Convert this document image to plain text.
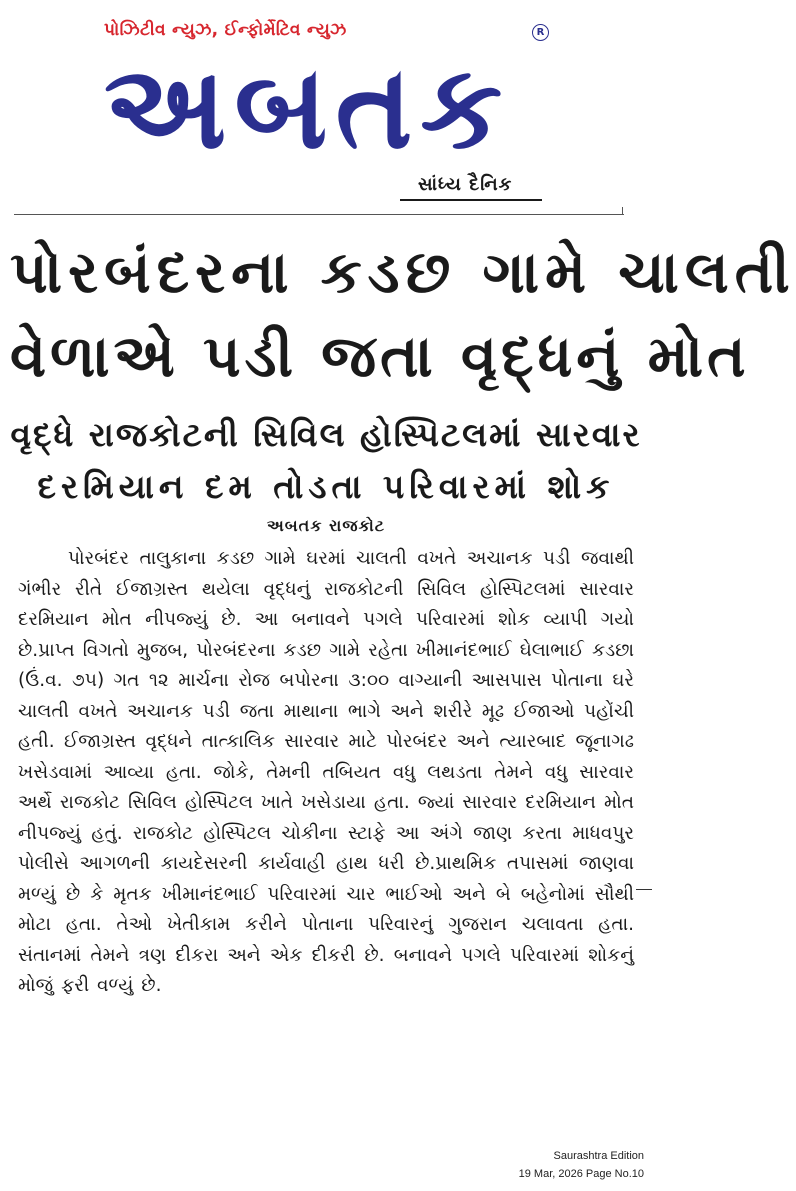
પોઝિટીવ ન્યુઝ, ઈન્ફોર્મેટિવ ન્યુઝ	R
અબતક
સાંધ્ય દૈનિક
પોરબંદરના કડછ ગામે ચાલતી
વેળાએ પડી જતા વૃદ્ધનું મોત
વૃદ્ધે રાજકોટની સિવિલ હોસ્પિટલમાં સારવાર
દરમિયાન દમ તોડતા પરિવારમાં શોક
અબતક રાજકોટ

પોરબંદર તાલુકાના કડછ ગામે ઘરમાં ચાલતી વખતે અચાનક પડી જવાથી ગંભીર રીતે ઈજાગ્રસ્ત થયેલા વૃદ્ધનું રાજકોટની સિવિલ હોસ્પિટલમાં સારવાર દરમિયાન મોત નીપજ્યું છે. આ બનાવને પગલે પરિવારમાં શોક વ્યાપી ગયો છે.પ્રાપ્ત વિગતો મુજબ, પોરબંદરના કડછ ગામે રહેતા ખીમાનંદભાઈ ઘેલાભાઈ કડછા (ઉં.વ. ૭૫) ગત ૧૨ માર્ચના રોજ બપોરના ૩:૦૦ વાગ્યાની આસપાસ પોતાના ઘરે ચાલતી વખતે અચાનક પડી જતા માથાના ભાગે અને શરીરે મૂઢ ઈજાઓ પહોંચી હતી. ઈજાગ્રસ્ત વૃદ્ધને તાત્કાલિક સારવાર માટે પોરબંદર અને ત્યારબાદ જૂનાગઢ ખસેડવામાં આવ્યા હતા. જોકે, તેમની તબિયત વધુ લથડતા તેમને વધુ સારવાર અર્થે રાજકોટ સિવિલ હોસ્પિટલ ખાતે ખસેડાયા હતા. જ્યાં સારવાર દરમિયાન મોત નીપજ્યું હતું. રાજકોટ હોસ્પિટલ ચોકીના સ્ટાફે આ અંગે જાણ કરતા માધવપુર પોલીસે આગળની કાયદેસરની કાર્યવાહી હાથ ધરી છે.પ્રાથમિક તપાસમાં જાણવા મળ્યું છે કે મૃતક ખીમાનંદભાઈ પરિવારમાં ચાર ભાઈઓ અને બે બહેનોમાં સૌથી મોટા હતા. તેઓ ખેતીકામ કરીને પોતાના પરિવારનું ગુજરાન ચલાવતા હતા. સંતાનમાં તેમને ત્રણ દીકરા અને એક દીકરી છે. બનાવને પગલે પરિવારમાં શોકનું મોજું ફરી વળ્યું છે.

Saurashtra Edition
19 Mar, 2026 Page No.10
